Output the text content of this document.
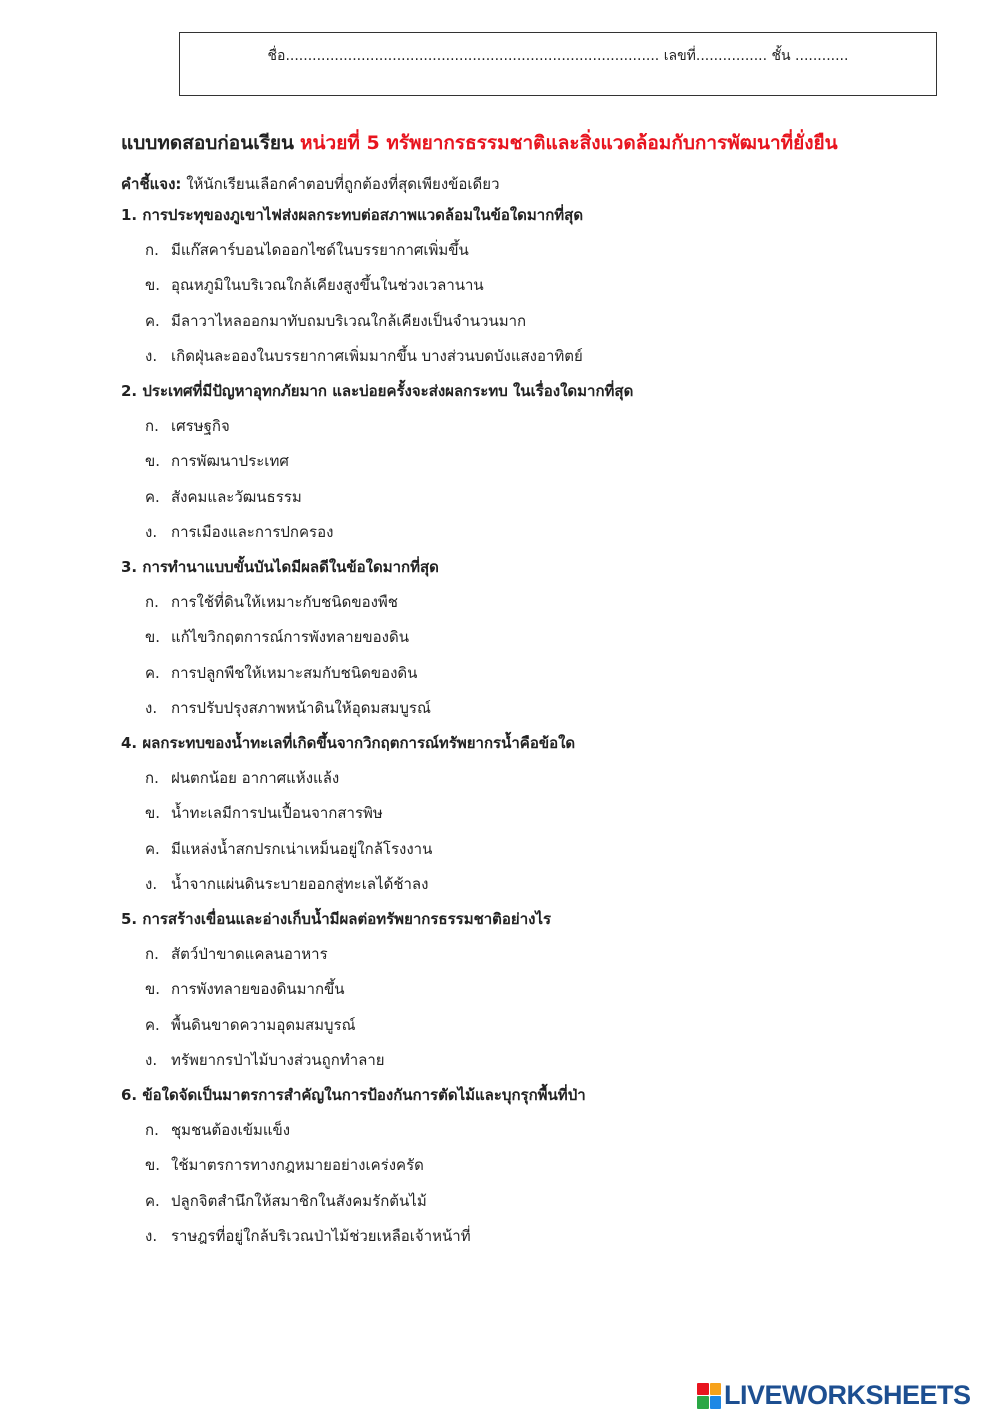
ชื่อ.................................................................................... เลขที่................ ชั้น ............
แบบทดสอบก่อนเรียน หน่วยที่ 5 ทรัพยากรธรรมชาติและสิ่งแวดล้อมกับการพัฒนาที่ยั่งยืน
คำชี้แจง: ให้นักเรียนเลือกคำตอบที่ถูกต้องที่สุดเพียงข้อเดียว
1. การประทุของภูเขาไฟส่งผลกระทบต่อสภาพแวดล้อมในข้อใดมากที่สุด
ก. มีแก๊สคาร์บอนไดออกไซด์ในบรรยากาศเพิ่มขึ้น
ข. อุณหภูมิในบริเวณใกล้เคียงสูงขึ้นในช่วงเวลานาน
ค. มีลาวาไหลออกมาทับถมบริเวณใกล้เคียงเป็นจำนวนมาก
ง. เกิดฝุ่นละอองในบรรยากาศเพิ่มมากขึ้น บางส่วนบดบังแสงอาทิตย์
2. ประเทศที่มีปัญหาอุทกภัยมาก และบ่อยครั้งจะส่งผลกระทบ ในเรื่องใดมากที่สุด
ก. เศรษฐกิจ
ข. การพัฒนาประเทศ
ค. สังคมและวัฒนธรรม
ง. การเมืองและการปกครอง
3. การทำนาแบบขั้นบันไดมีผลดีในข้อใดมากที่สุด
ก. การใช้ที่ดินให้เหมาะกับชนิดของพืช
ข. แก้ไขวิกฤตการณ์การพังทลายของดิน
ค. การปลูกพืชให้เหมาะสมกับชนิดของดิน
ง. การปรับปรุงสภาพหน้าดินให้อุดมสมบูรณ์
4. ผลกระทบของน้ำทะเลที่เกิดขึ้นจากวิกฤตการณ์ทรัพยากรน้ำคือข้อใด
ก. ฝนตกน้อย อากาศแห้งแล้ง
ข. น้ำทะเลมีการปนเปื้อนจากสารพิษ
ค. มีแหล่งน้ำสกปรกเน่าเหม็นอยู่ใกล้โรงงาน
ง. น้ำจากแผ่นดินระบายออกสู่ทะเลได้ช้าลง
5. การสร้างเขื่อนและอ่างเก็บน้ำมีผลต่อทรัพยากรธรรมชาติอย่างไร
ก. สัตว์ป่าขาดแคลนอาหาร
ข. การพังทลายของดินมากขึ้น
ค. พื้นดินขาดความอุดมสมบูรณ์
ง. ทรัพยากรป่าไม้บางส่วนถูกทำลาย
6. ข้อใดจัดเป็นมาตรการสำคัญในการป้องกันการตัดไม้และบุกรุกพื้นที่ป่า
ก. ชุมชนต้องเข้มแข็ง
ข. ใช้มาตรการทางกฎหมายอย่างเคร่งครัด
ค. ปลูกจิตสำนึกให้สมาชิกในสังคมรักต้นไม้
ง. ราษฎรที่อยู่ใกล้บริเวณป่าไม้ช่วยเหลือเจ้าหน้าที่
LIVEWORKSHEETS
